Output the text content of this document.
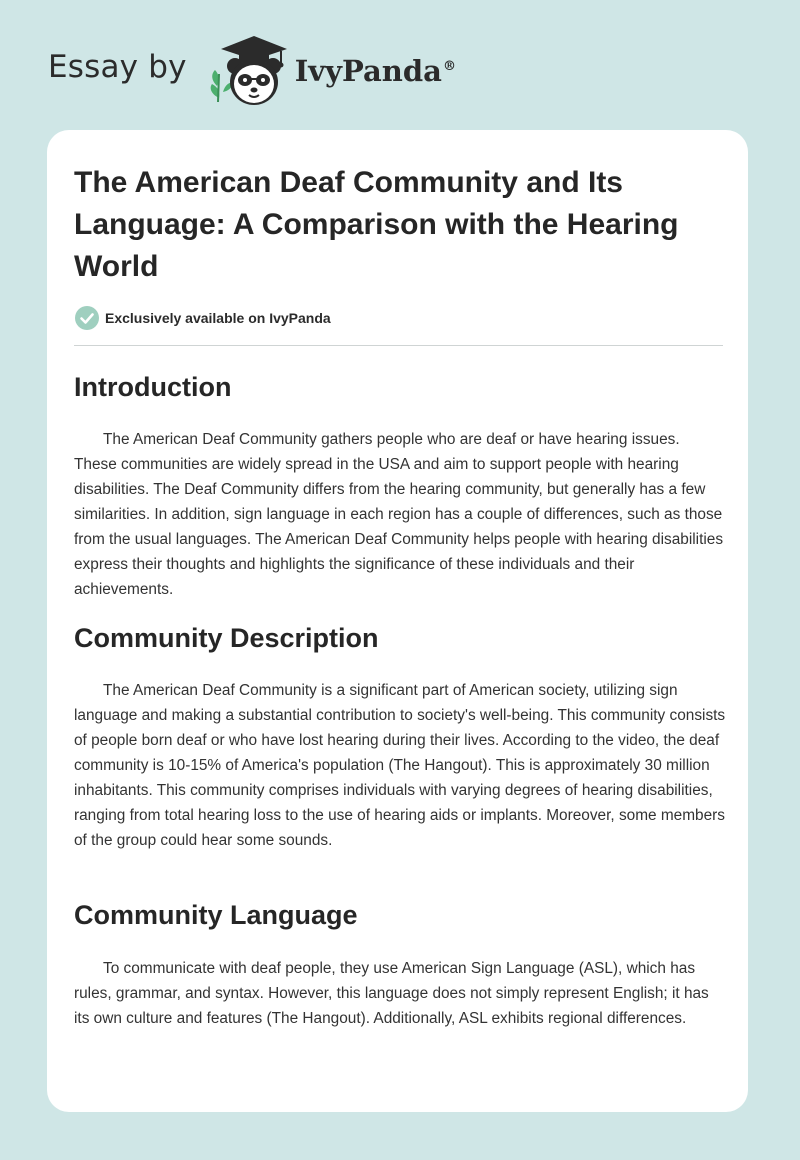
Essay by	IvyPanda®
The American Deaf Community and Its Language: A Comparison with the Hearing World
Exclusively available on IvyPanda
Introduction

The American Deaf Community gathers people who are deaf or have hearing issues. These communities are widely spread in the USA and aim to support people with hearing disabilities. The Deaf Community differs from the hearing community, but generally has a few similarities. In addition, sign language in each region has a couple of differences, such as those from the usual languages. The American Deaf Community helps people with hearing disabilities express their thoughts and highlights the significance of these individuals and their achievements.

Community Description

The American Deaf Community is a significant part of American society, utilizing sign language and making a substantial contribution to society's well-being. This community consists of people born deaf or who have lost hearing during their lives. According to the video, the deaf community is 10-15% of America's population (The Hangout). This is approximately 30 million inhabitants. This community comprises individuals with varying degrees of hearing disabilities, ranging from total hearing loss to the use of hearing aids or implants. Moreover, some members of the group could hear some sounds.

Community Language

To communicate with deaf people, they use American Sign Language (ASL), which has rules, grammar, and syntax. However, this language does not simply represent English; it has its own culture and features (The Hangout). Additionally, ASL exhibits regional differences.
